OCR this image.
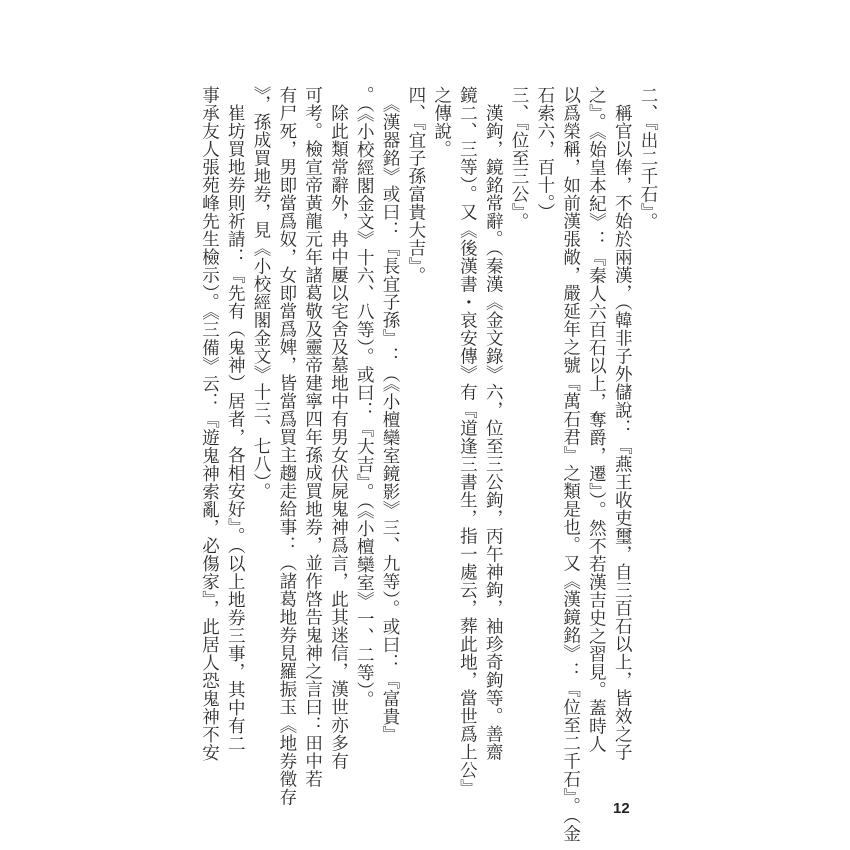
二、『出二千石』。
　稱官以俸，不始於兩漢，（韓非子外儲說：『燕王收吏璽，自三百石以上，皆效之子
之』。《始皇本紀》：『秦人六百石以上，奪爵，遷』）。然不若漢吉史之習見。蓋時人
以爲榮稱，如前漢張敞，嚴延年之號『萬石君』之類是也。又《漢鏡銘》：『位至二千石』。（金
石索六，百十。）
三、『位至三公』。
　漢鉤，鏡銘常辭。（秦漢《金文錄》六，位至三公鉤，丙午神鉤，袖珍奇鉤等。善齋
鏡二、三等）。又《後漢書・哀安傳》有『道逢三書生，指一處云，葬此地，當世爲上公』
之傳說。
四、『宜子孫富貴大吉』。
　《漢器銘》或曰：『長宜子孫』：（《小檀欒室鏡影》三、九等）。或曰：『富貴』
。（《小校經閣金文》十六、八等）。或曰：『大吉』。（《小檀欒室》一、二等）。
　除此類常辭外，冉中屢以宅舍及墓地中有男女伏屍鬼神爲言，此其迷信，漢世亦多有
可考。檢宣帝黃龍元年諸葛敬及靈帝建寧四年孫成買地券，並作啓告鬼神之言曰：田中若
有尸死，男即當爲奴，女即當爲婢，皆當爲買主趨走給事：（諸葛地券見羅振玉《地券徵存
》，孫成買地券，見《小校經閣金文》十三、七八）。
　崔坊買地券則祈請：『先有（鬼神）居者，各相安好』。（以上地券三事，其中有二
事承友人張苑峰先生檢示）。《三備》云：『遊鬼神索亂，必傷家』，此居人恐鬼神不安
12
